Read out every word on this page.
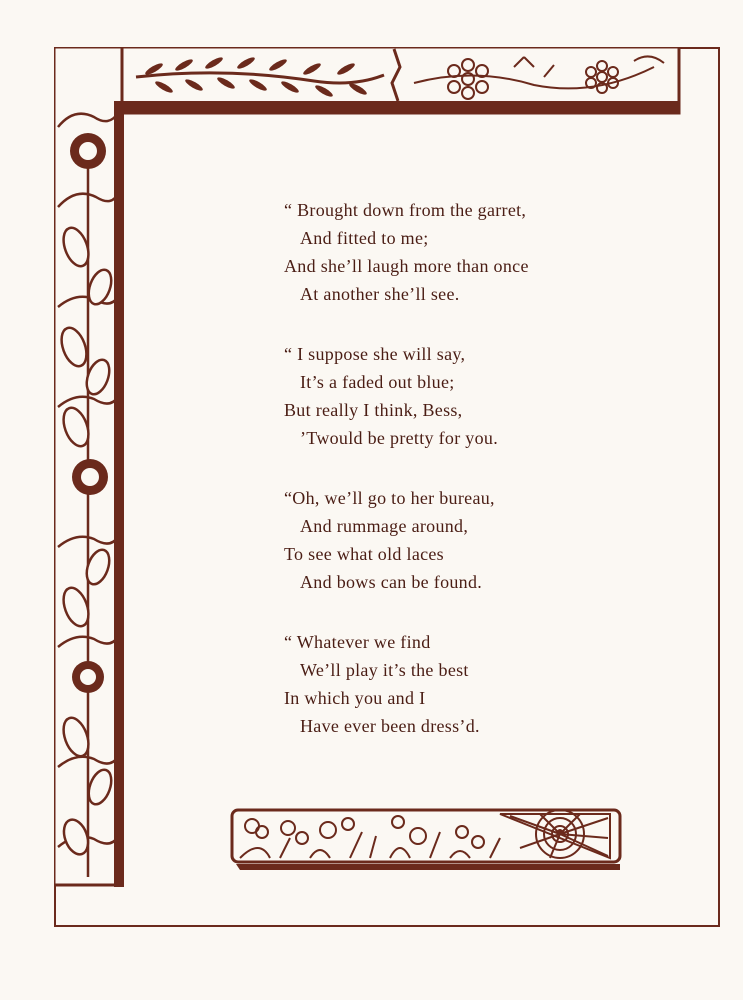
“ Brought down from the garret,
And fitted to me;
And she’ll laugh more than once
At another she’ll see.
“ I suppose she will say,
It’s a faded out blue;
But really I think, Bess,
’Twould be pretty for you.
“Oh, we’ll go to her bureau,
And rummage around,
To see what old laces
And bows can be found.
“ Whatever we find
We’ll play it’s the best
In which you and I
Have ever been dress’d.
